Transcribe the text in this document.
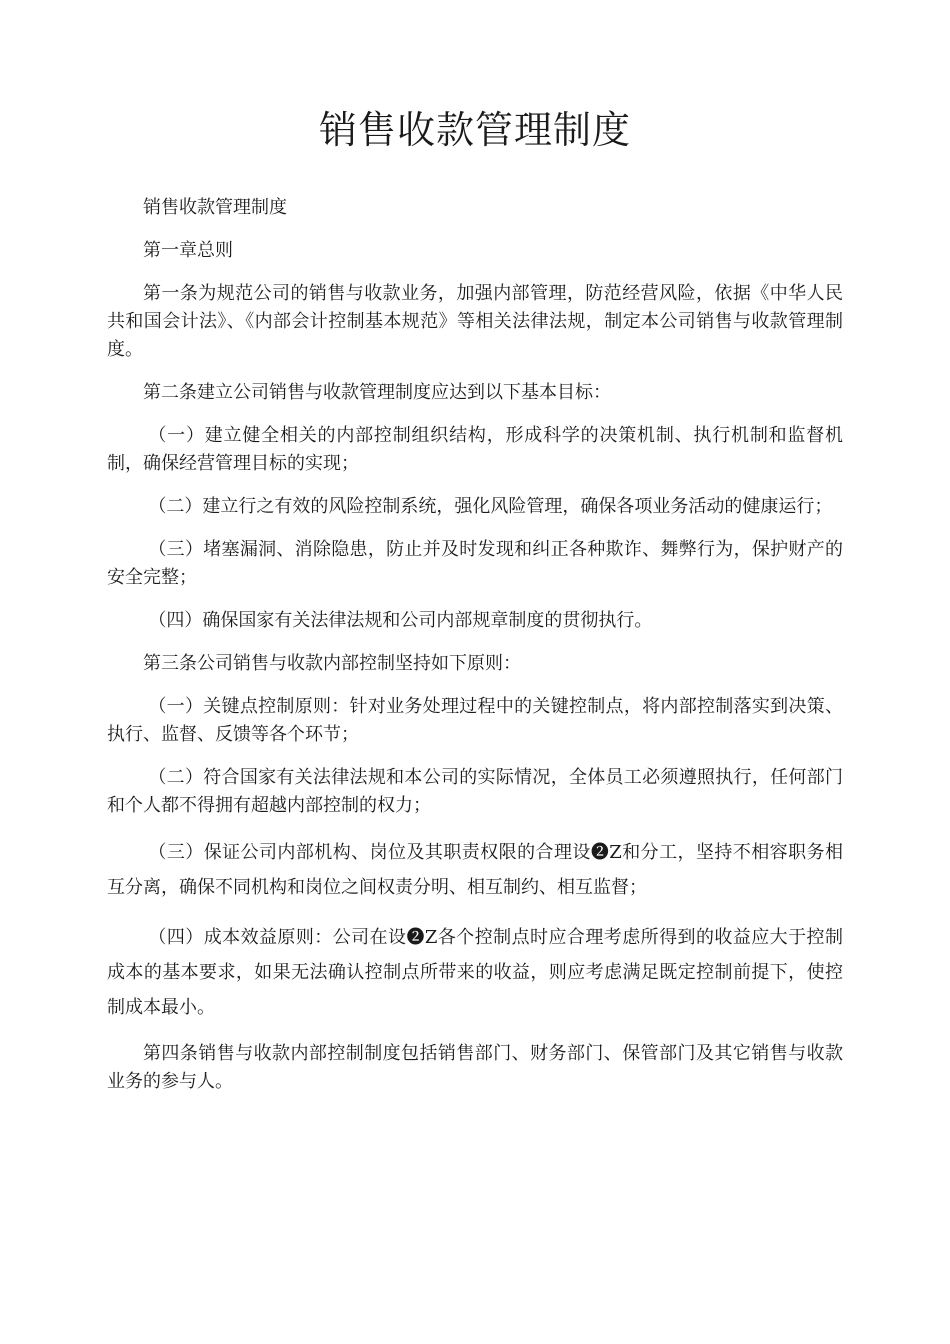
销售收款管理制度

销售收款管理制度

第一章总则

第一条为规范公司的销售与收款业务，加强内部管理，防范经营风险，依据《中华人民共和国会计法》、《内部会计控制基本规范》等相关法律法规，制定本公司销售与收款管理制度。

第二条建立公司销售与收款管理制度应达到以下基本目标：

（一）建立健全相关的内部控制组织结构，形成科学的决策机制、执行机制和监督机制，确保经营管理目标的实现；

（二）建立行之有效的风险控制系统，强化风险管理，确保各项业务活动的健康运行；

（三）堵塞漏洞、消除隐患，防止并及时发现和纠正各种欺诈、舞弊行为，保护财产的安全完整；

（四）确保国家有关法律法规和公司内部规章制度的贯彻执行。

第三条公司销售与收款内部控制坚持如下原则：

（一）关键点控制原则：针对业务处理过程中的关键控制点，将内部控制落实到决策、执行、监督、反馈等各个环节；

（二）符合国家有关法律法规和本公司的实际情况，全体员工必须遵照执行，任何部门和个人都不得拥有超越内部控制的权力；

（三）保证公司内部机构、岗位及其职责权限的合理设❷Z和分工，坚持不相容职务相互分离，确保不同机构和岗位之间权责分明、相互制约、相互监督；

（四）成本效益原则：公司在设❷Z各个控制点时应合理考虑所得到的收益应大于控制成本的基本要求，如果无法确认控制点所带来的收益，则应考虑满足既定控制前提下，使控制成本最小。

第四条销售与收款内部控制制度包括销售部门、财务部门、保管部门及其它销售与收款业务的参与人。
